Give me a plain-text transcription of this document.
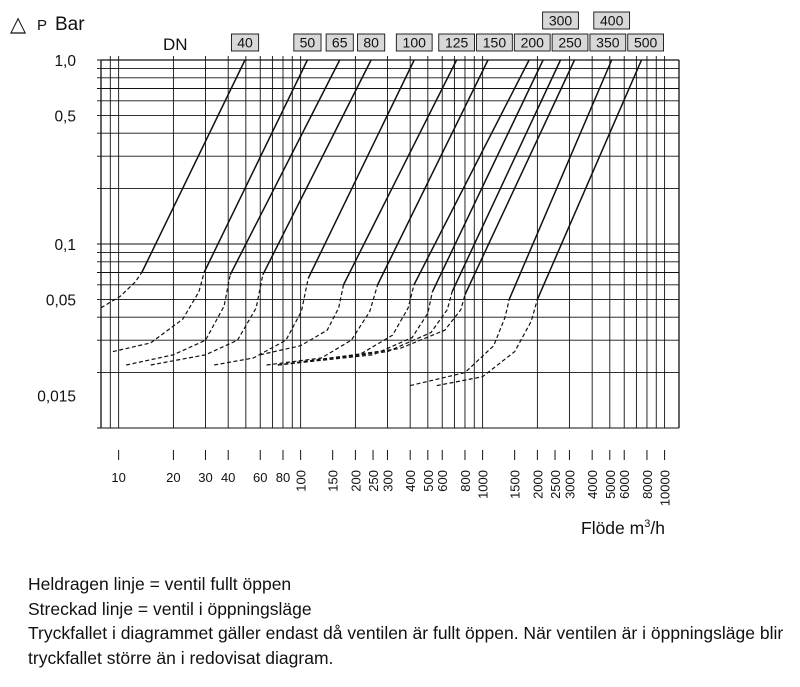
10	20 30 40 60 80 100 150 200 250 300 400 500 600 800 1000 1500 2000 2500 3000 4000 5000 6000 8000 10000
1,0
0,5
0,1
0,05
0,015
40	50 65 80 100 125 150 200 250
300
350
400
500
△ P Bar
DN
Flöde $m^3/h$
Heldragen linje = ventil fullt öppen
Streckad linje = ventil i öppningsläge
Tryckfallet i diagrammet gäller endast då ventilen är fullt öppen. När ventilen är i öppningsläge blir tryckfallet större än i redovisat diagram.
